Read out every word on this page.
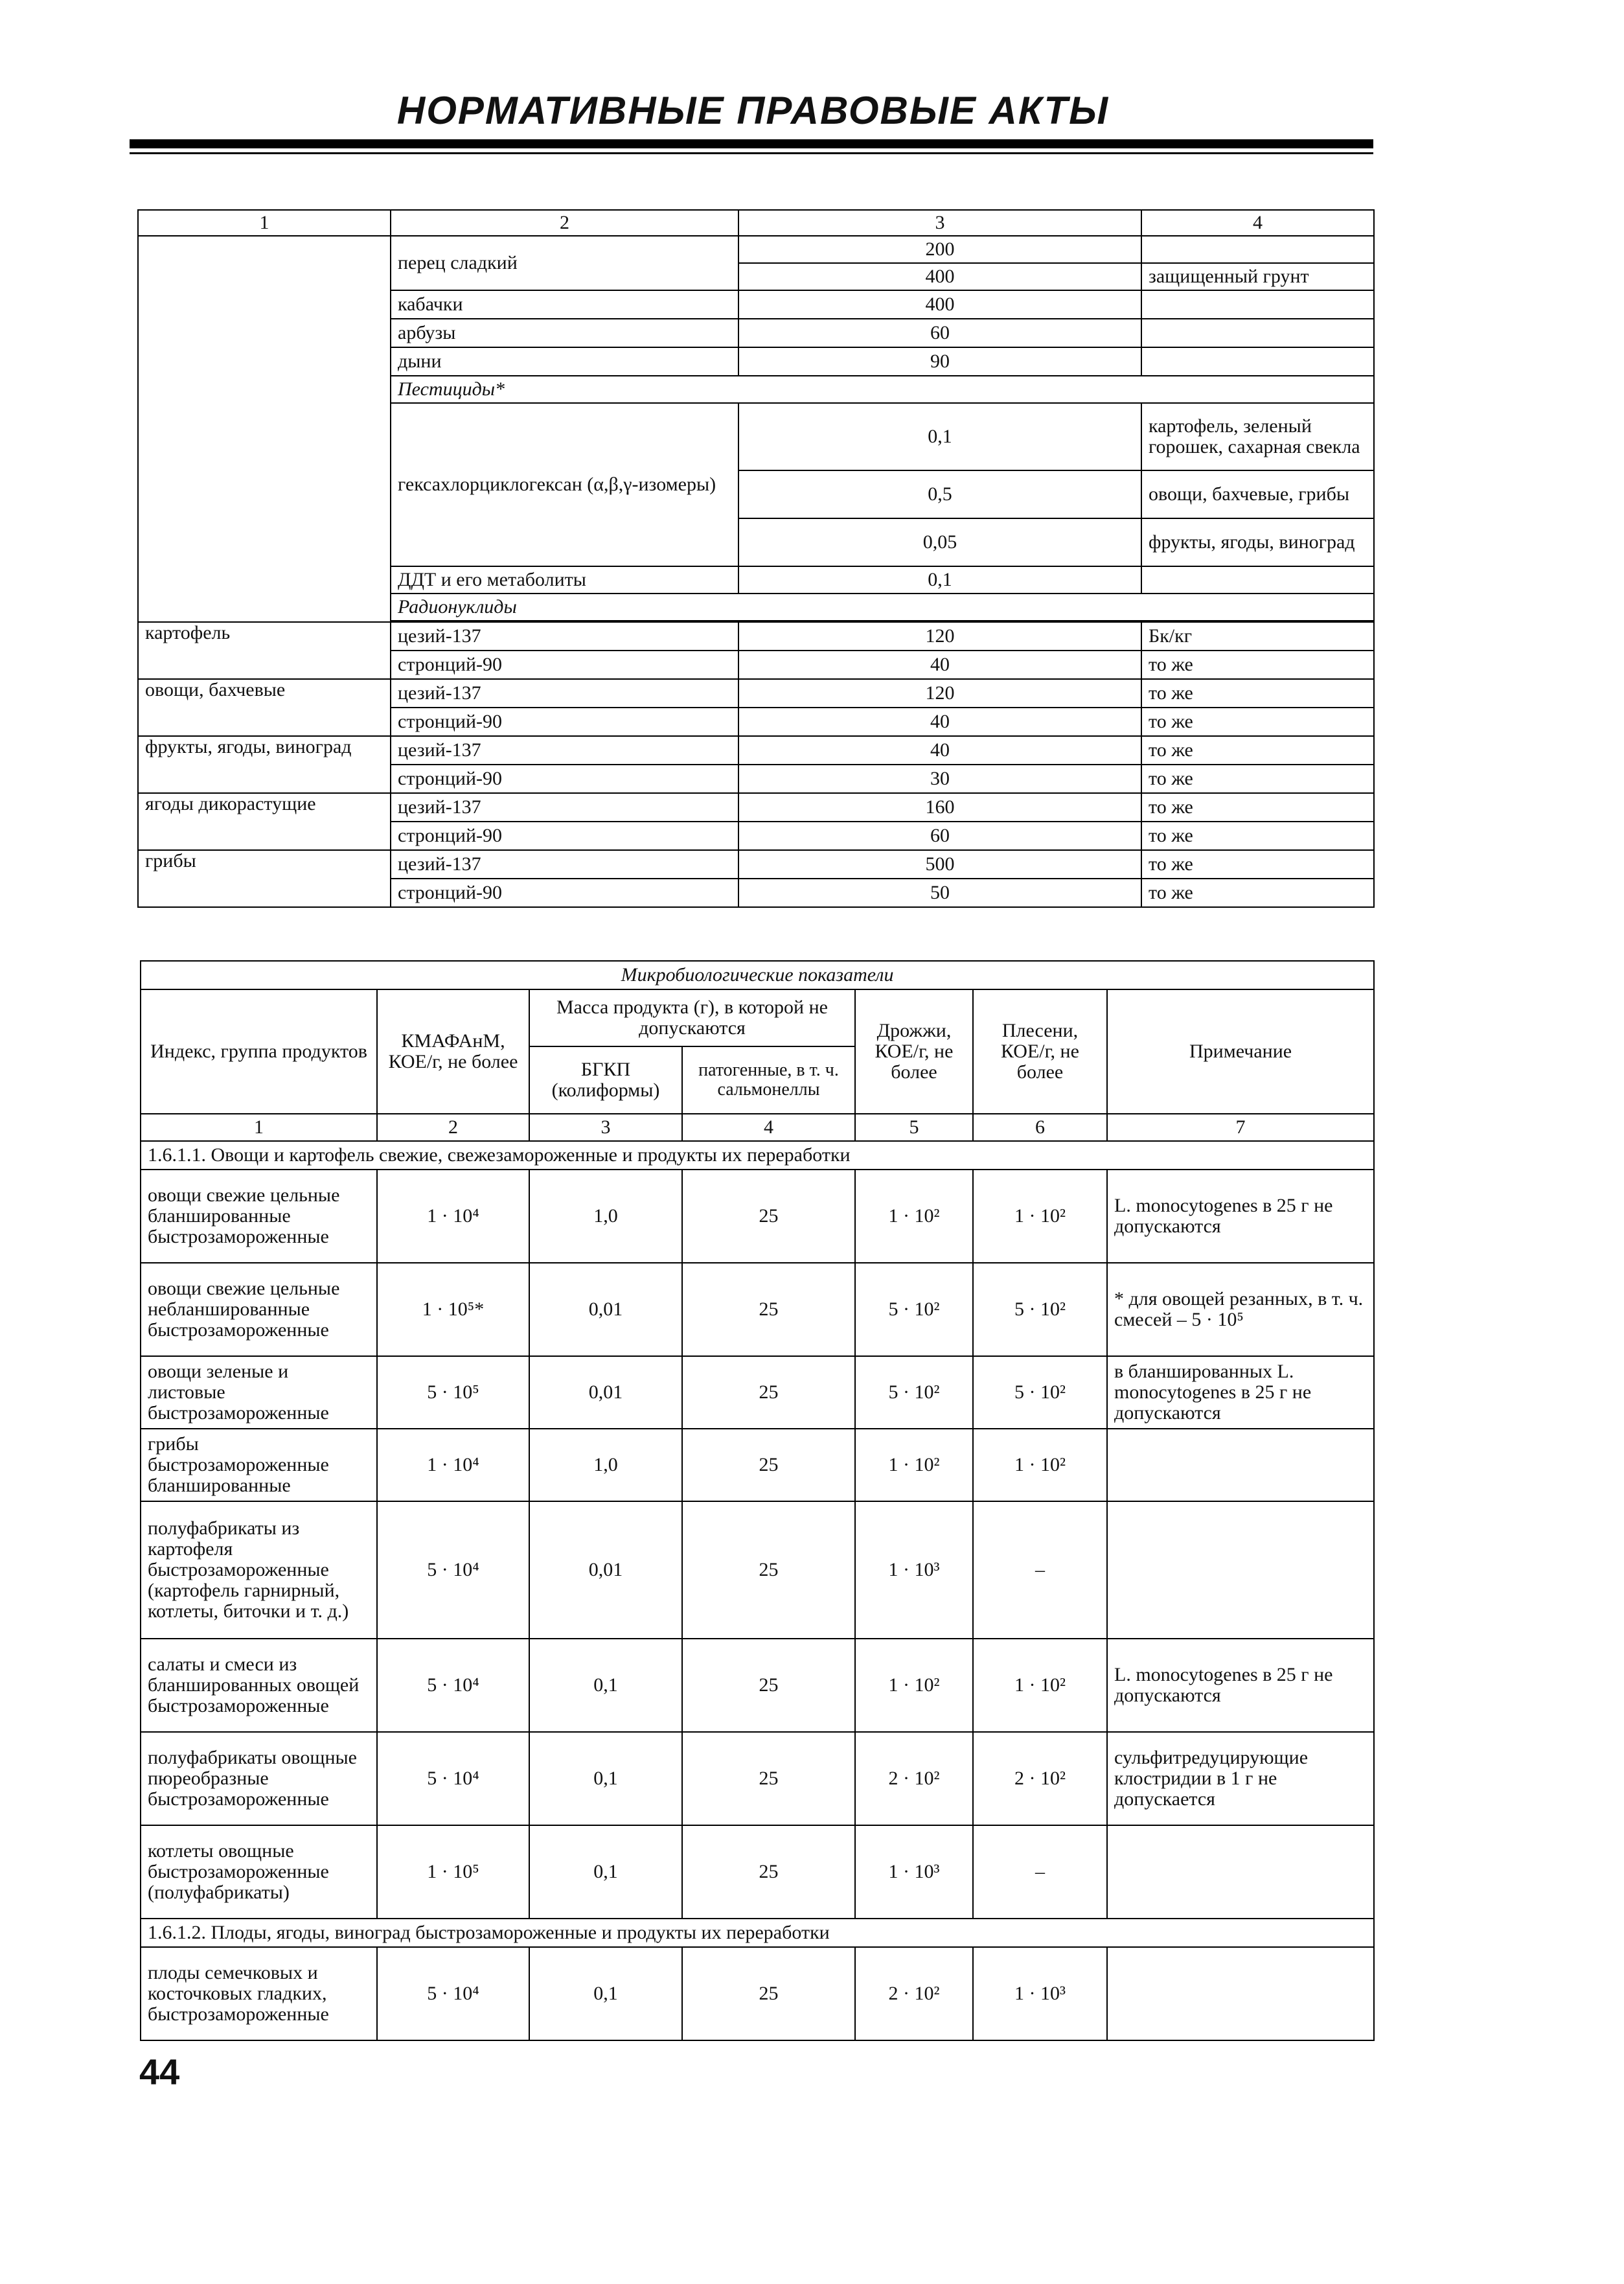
НОРМАТИВНЫЕ ПРАВОВЫЕ АКТЫ
1	2	3	4
	перец сладкий	200	
		400	защищенный грунт
	кабачки	400	
	арбузы	60	
	дыни	90	
	Пестициды*		
	гексахлорциклогексан (α,β,γ-изомеры)	0,1	картофель, зеленый горошек, сахарная свекла
		0,5	овощи, бахчевые, грибы
		0,05	фрукты, ягоды, виноград
	ДДТ и его метаболиты	0,1	
	Радионуклиды		

картофель	цезий-137	120	Бк/кг
	стронций-90	40	то же
овощи, бахчевые	цезий-137	120	то же
	стронций-90	40	то же
фрукты, ягоды, виноград	цезий-137	40	то же
	стронций-90	30	то же
ягоды дикорастущие	цезий-137	160	то же
	стронций-90	60	то же
грибы	цезий-137	500	то же
	стронций-90	50	то же
Микробиологические показатели						
Индекс, группа продуктов	КМАФАнМ, КОЕ/г, не более	Масса продукта (г), в которой не допускаются		Дрожжи, КОЕ/г, не более	Плесени, КОЕ/г, не более	Примечание
		БГКП (колиформы)	патогенные, в т. ч. сальмонеллы			
1	2	3	4	5	6	7
1.6.1.1. Овощи и картофель свежие, свежезамороженные и продукты их переработки						
овощи свежие цельные бланшированные быстрозамороженные	1 · 10⁴	1,0	25	1 · 10²	1 · 10²	L. monocytogenes в 25 г не допускаются
овощи свежие цельные небланшированные быстрозамороженные	1 · 10⁵*	0,01	25	5 · 10²	5 · 10²	* для овощей резанных, в т. ч. смесей – 5 · 10⁵
овощи зеленые и листовые быстрозамороженные	5 · 10⁵	0,01	25	5 · 10²	5 · 10²	в бланшированных L. monocytogenes в 25 г не допускаются
грибы быстрозамороженные бланшированные	1 · 10⁴	1,0	25	1 · 10²	1 · 10²	
полуфабрикаты из картофеля быстрозамороженные (картофель гарнирный, котлеты, биточки и т. д.)	5 · 10⁴	0,01	25	1 · 10³	–	
салаты и смеси из бланшированных овощей быстрозамороженные	5 · 10⁴	0,1	25	1 · 10²	1 · 10²	L. monocytogenes в 25 г не допускаются
полуфабрикаты овощные пюреобразные быстрозамороженные	5 · 10⁴	0,1	25	2 · 10²	2 · 10²	сульфитредуцирующие клостридии в 1 г не допускается
котлеты овощные быстрозамороженные (полуфабрикаты)	1 · 10⁵	0,1	25	1 · 10³	–	
1.6.1.2. Плоды, ягоды, виноград быстрозамороженные и продукты их переработки						
плоды семечковых и косточковых гладких, быстрозамороженные	5 · 10⁴	0,1	25	2 · 10²	1 · 10³	
44
